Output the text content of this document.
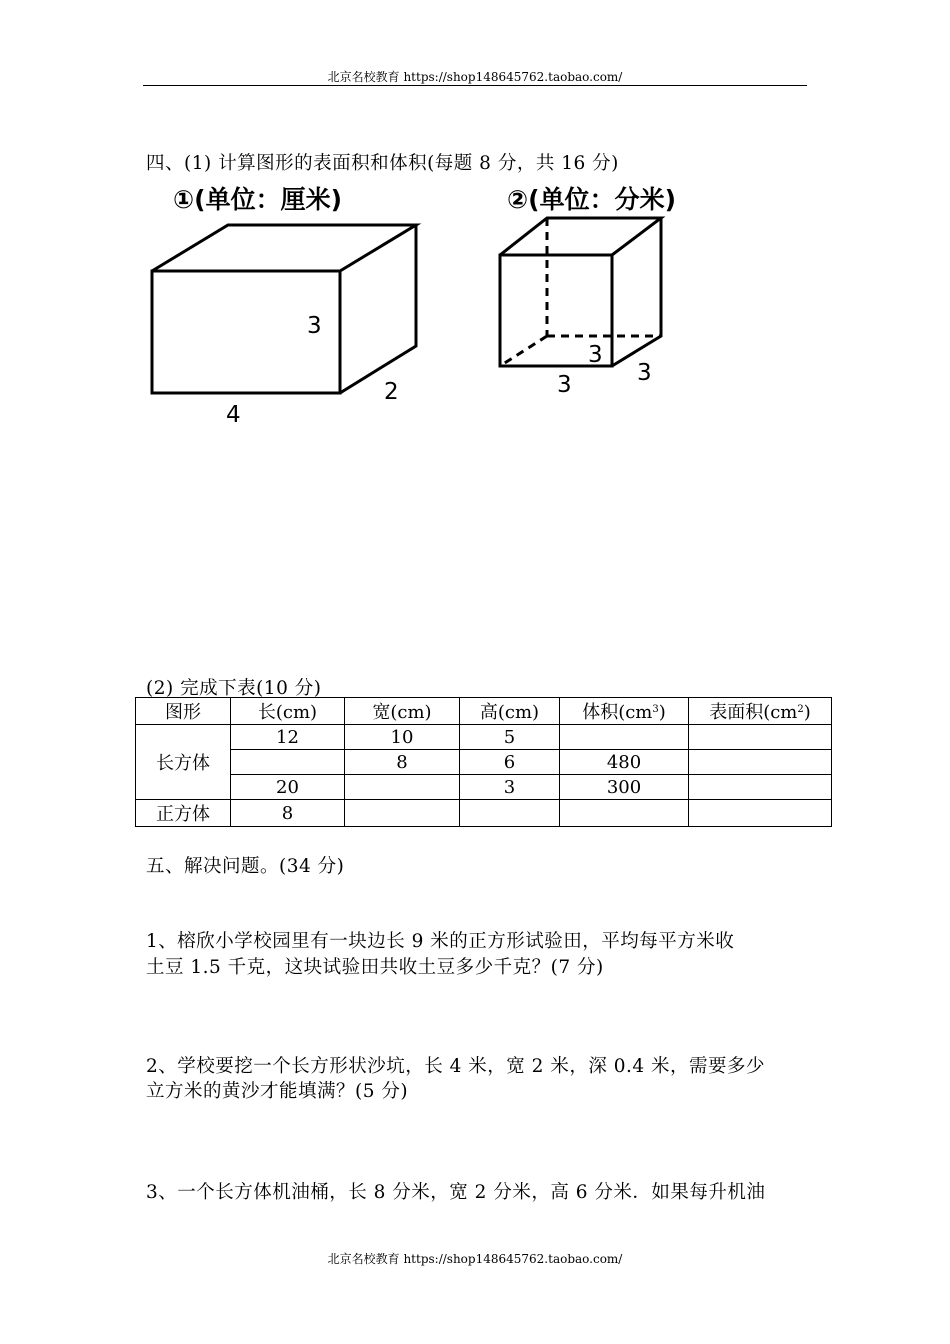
北京名校教育 https://shop148645762.taobao.com/
四、(1) 计算图形的表面积和体积(每题 8 分，共 16 分)
①(单位：厘米)	②(单位：分米)
3
2
4
3
3
3
(2) 完成下表(10 分)
图形	长(cm)	宽(cm)	高(cm)	体积$(cm^3)$	表面积$(cm^2)$
长方体	12	10	5		
		8	6	480	
	20		3	300	
正方体	8				
五、解决问题。(34 分)
1、榕欣小学校园里有一块边长 9 米的正方形试验田，平均每平方米收
土豆 1.5 千克，这块试验田共收土豆多少千克？(7 分)
2、学校要挖一个长方形状沙坑，长 4 米，宽 2 米，深 0.4 米，需要多少
立方米的黄沙才能填满？(5 分)
3、一个长方体机油桶，长 8 分米，宽 2 分米，高 6 分米．如果每升机油
北京名校教育 https://shop148645762.taobao.com/
